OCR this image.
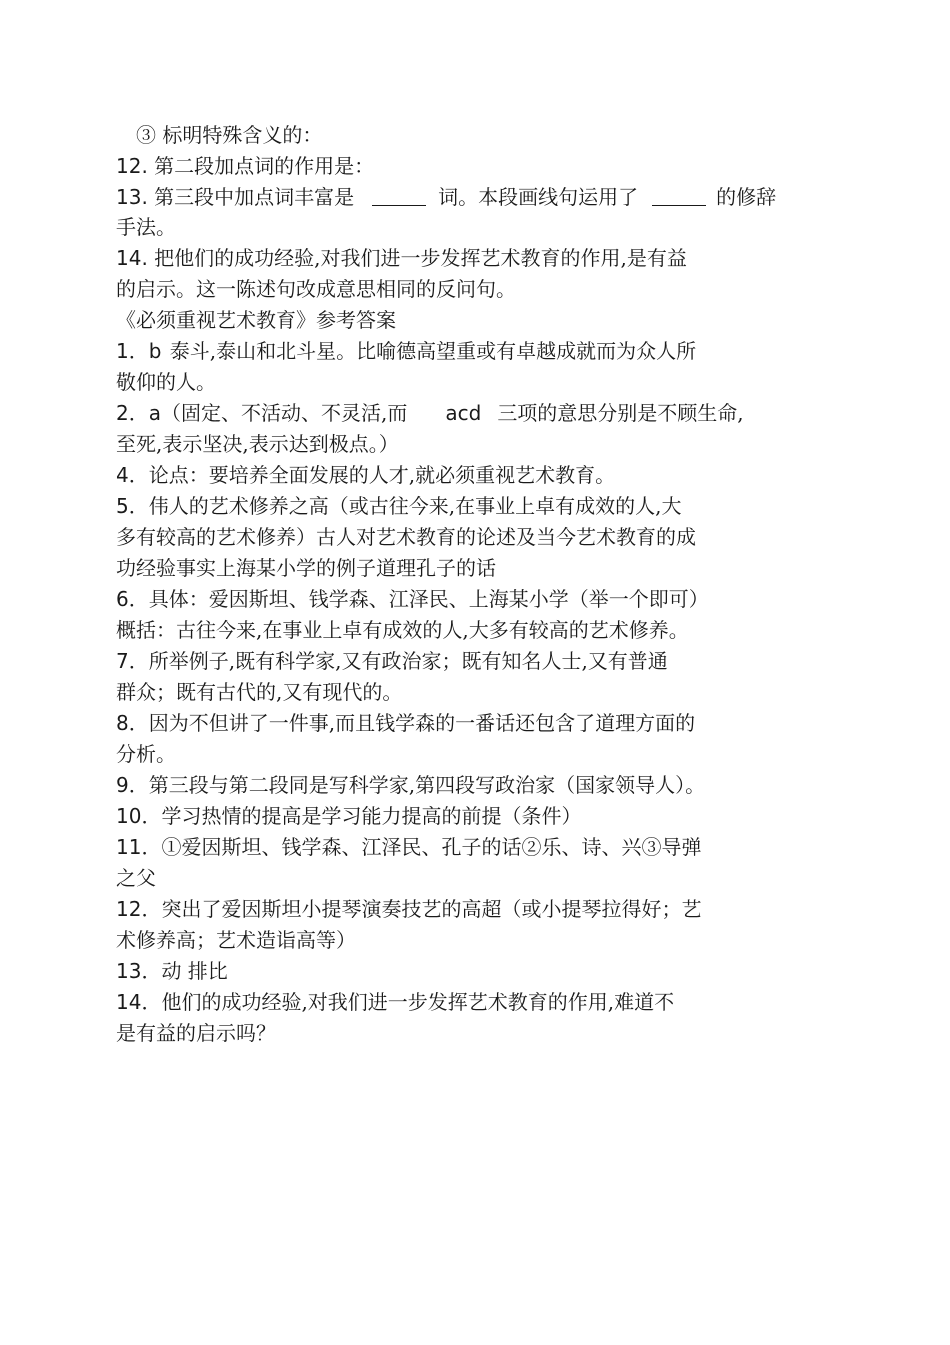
③ 标明特殊含义的：
12. 第二段加点词的作用是：
13. 第三段中加点词丰富是	词。本段画线句运用了	的修辞
手法。
14. 把他们的成功经验,对我们进一步发挥艺术教育的作用,是有益
的启示。这一陈述句改成意思相同的反问句。
《必须重视艺术教育》参考答案
1．b 泰斗,泰山和北斗星。比喻德高望重或有卓越成就而为众人所
敬仰的人。
2．a（固定、不活动、不灵活,而 acd 三项的意思分别是不顾生命,
至死,表示坚决,表示达到极点。）
4．论点：要培养全面发展的人才,就必须重视艺术教育。
5．伟人的艺术修养之高（或古往今来,在事业上卓有成效的人,大
多有较高的艺术修养）古人对艺术教育的论述及当今艺术教育的成
功经验事实上海某小学的例子道理孔子的话
6．具体：爱因斯坦、钱学森、江泽民、上海某小学（举一个即可）
概括：古往今来,在事业上卓有成效的人,大多有较高的艺术修养。
7．所举例子,既有科学家,又有政治家；既有知名人士,又有普通
群众；既有古代的,又有现代的。
8．因为不但讲了一件事,而且钱学森的一番话还包含了道理方面的
分析。
9．第三段与第二段同是写科学家,第四段写政治家（国家领导人）。
10．学习热情的提高是学习能力提高的前提（条件）
11．①爱因斯坦、钱学森、江泽民、孔子的话②乐、诗、兴③导弹
之父
12．突出了爱因斯坦小提琴演奏技艺的高超（或小提琴拉得好；艺
术修养高；艺术造诣高等）
13．动 排比
14．他们的成功经验,对我们进一步发挥艺术教育的作用,难道不
是有益的启示吗？
